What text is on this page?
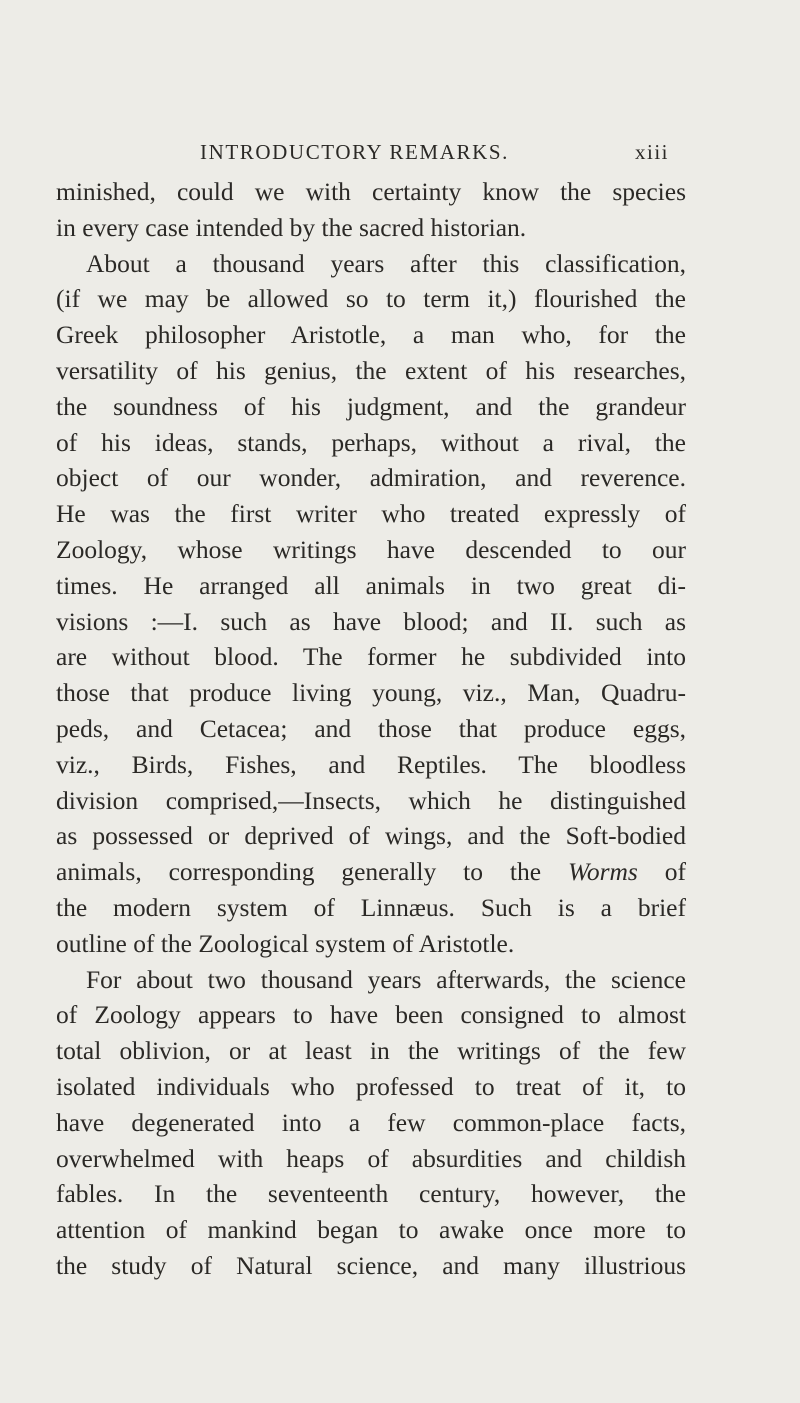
INTRODUCTORY REMARKS.	xiii
minished, could we with certainty know the species
in every case intended by the sacred historian.
About a thousand years after this classification,
(if we may be allowed so to term it,) flourished the
Greek philosopher Aristotle, a man who, for the
versatility of his genius, the extent of his researches,
the soundness of his judgment, and the grandeur
of his ideas, stands, perhaps, without a rival, the
object of our wonder, admiration, and reverence.
He was the first writer who treated expressly of
Zoology, whose writings have descended to our
times. He arranged all animals in two great di-
visions :—I. such as have blood; and II. such as
are without blood. The former he subdivided into
those that produce living young, viz., Man, Quadru-
peds, and Cetacea; and those that produce eggs,
viz., Birds, Fishes, and Reptiles. The bloodless
division comprised,—Insects, which he distinguished
as possessed or deprived of wings, and the Soft-bodied
animals, corresponding generally to the Worms of
the modern system of Linnæus. Such is a brief
outline of the Zoological system of Aristotle.
For about two thousand years afterwards, the science
of Zoology appears to have been consigned to almost
total oblivion, or at least in the writings of the few
isolated individuals who professed to treat of it, to
have degenerated into a few common-place facts,
overwhelmed with heaps of absurdities and childish
fables. In the seventeenth century, however, the
attention of mankind began to awake once more to
the study of Natural science, and many illustrious
